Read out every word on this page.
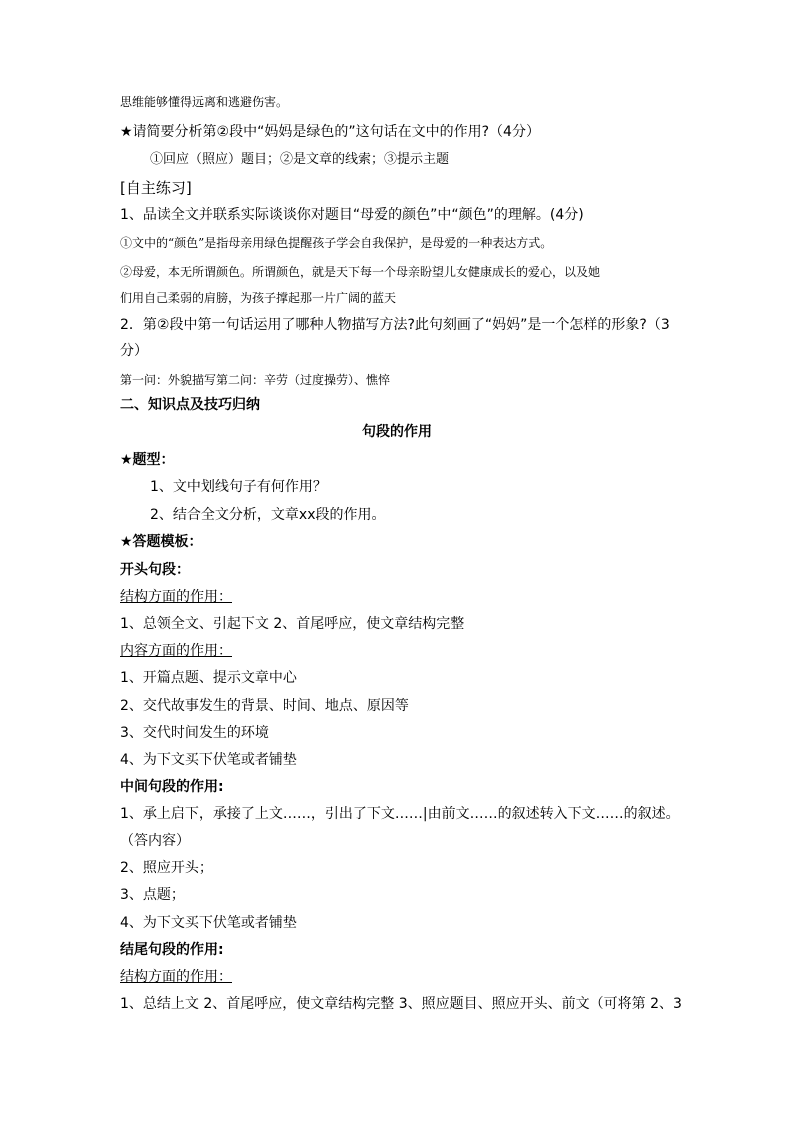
思维能够懂得远离和逃避伤害。
★请简要分析第②段中“妈妈是绿色的”这句话在文中的作用?（4分）
①回应（照应）题目；②是文章的线索；③提示主题
[自主练习]
1、品读全文并联系实际谈谈你对题目“母爱的颜色”中“颜色”的理解。(4分)
①文中的“颜色”是指母亲用绿色提醒孩子学会自我保护，是母爱的一种表达方式。
②母爱，本无所谓颜色。所谓颜色，就是天下每一个母亲盼望儿女健康成长的爱心，以及她
们用自己柔弱的肩膀，为孩子撑起那一片广阔的蓝天
2．第②段中第一句话运用了哪种人物描写方法?此句刻画了“妈妈”是一个怎样的形象?（3
分）
第一问：外貌描写第二问：辛劳（过度操劳）、憔悴
二、知识点及技巧归纳
句段的作用
★题型：
1、文中划线句子有何作用？
2、结合全文分析，文章xx段的作用。
★答题模板：
开头句段：
结构方面的作用：
1、总领全文、引起下文 2、首尾呼应，使文章结构完整
内容方面的作用：
1、开篇点题、提示文章中心
2、交代故事发生的背景、时间、地点、原因等
3、交代时间发生的环境
4、为下文买下伏笔或者铺垫
中间句段的作用:
1、承上启下，承接了上文……，引出了下文……|由前文……的叙述转入下文……的叙述。
（答内容）
2、照应开头；
3、点题；
4、为下文买下伏笔或者铺垫
结尾句段的作用:
结构方面的作用：
1、总结上文 2、首尾呼应，使文章结构完整 3、照应题目、照应开头、前文（可将第 2、3
